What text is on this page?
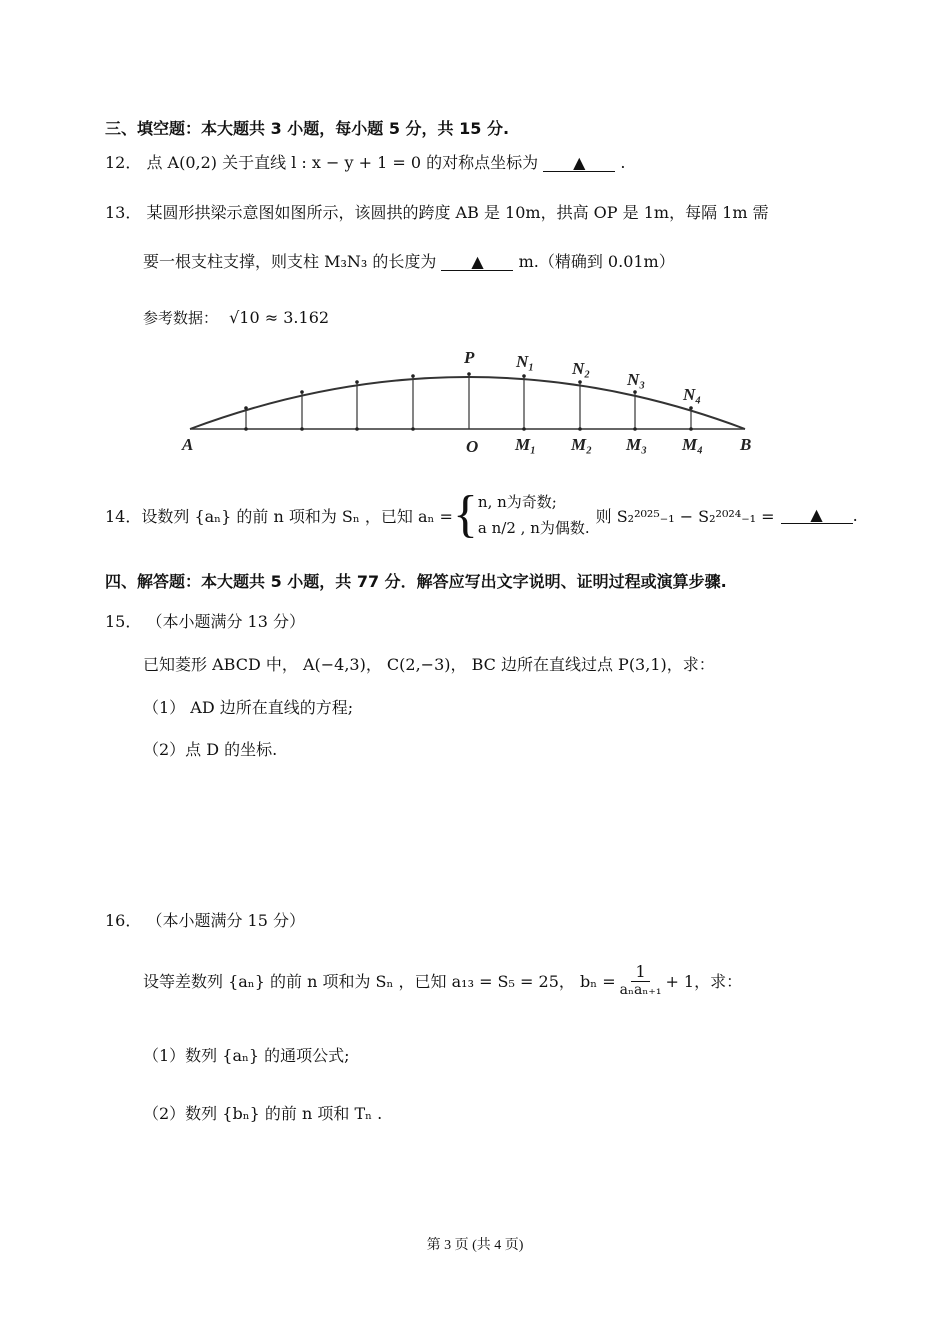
三、填空题：本大题共 3 小题，每小题 5 分，共 15 分.
12． 点 A(0,2) 关于直线 l : x − y + 1 = 0 的对称点坐标为 ▲ .
13． 某圆形拱梁示意图如图所示，该圆拱的跨度 AB 是 10m，拱高 OP 是 1m，每隔 1m 需
要一根支柱支撑，则支柱 M₃N₃ 的长度为 ▲ m.（精确到 0.01m）
参考数据： √10 ≈ 3.162
A	B
O
P N₁ N₂
N₃
N₄
M₁ M₂ M₃ M₄
14． 设数列 {aₙ} 的前 n 项和为 Sₙ ，已知 aₙ = { n, n为奇数;
a n/2 , n为偶数.
则 S₂²⁰²⁵₋₁ − S₂²⁰²⁴₋₁ =	▲	.
四、解答题：本大题共 5 小题，共 77 分．解答应写出文字说明、证明过程或演算步骤.
15． （本小题满分 13 分）
已知菱形 ABCD 中， A(−4,3)， C(2,−3)， BC 边所在直线过点 P(3,1)，求：
（1） AD 边所在直线的方程;
（2）点 D 的坐标.
16． （本小题满分 15 分）
设等差数列 {aₙ} 的前 n 项和为 Sₙ ，已知 a₁₃ = S₅ = 25， $b_n = \frac{1}{\text{aₙaₙ₊₁}} + 1$，求：
（1）数列 {aₙ} 的通项公式;
（2）数列 {bₙ} 的前 n 项和 Tₙ .
第 3 页 (共 4 页)
